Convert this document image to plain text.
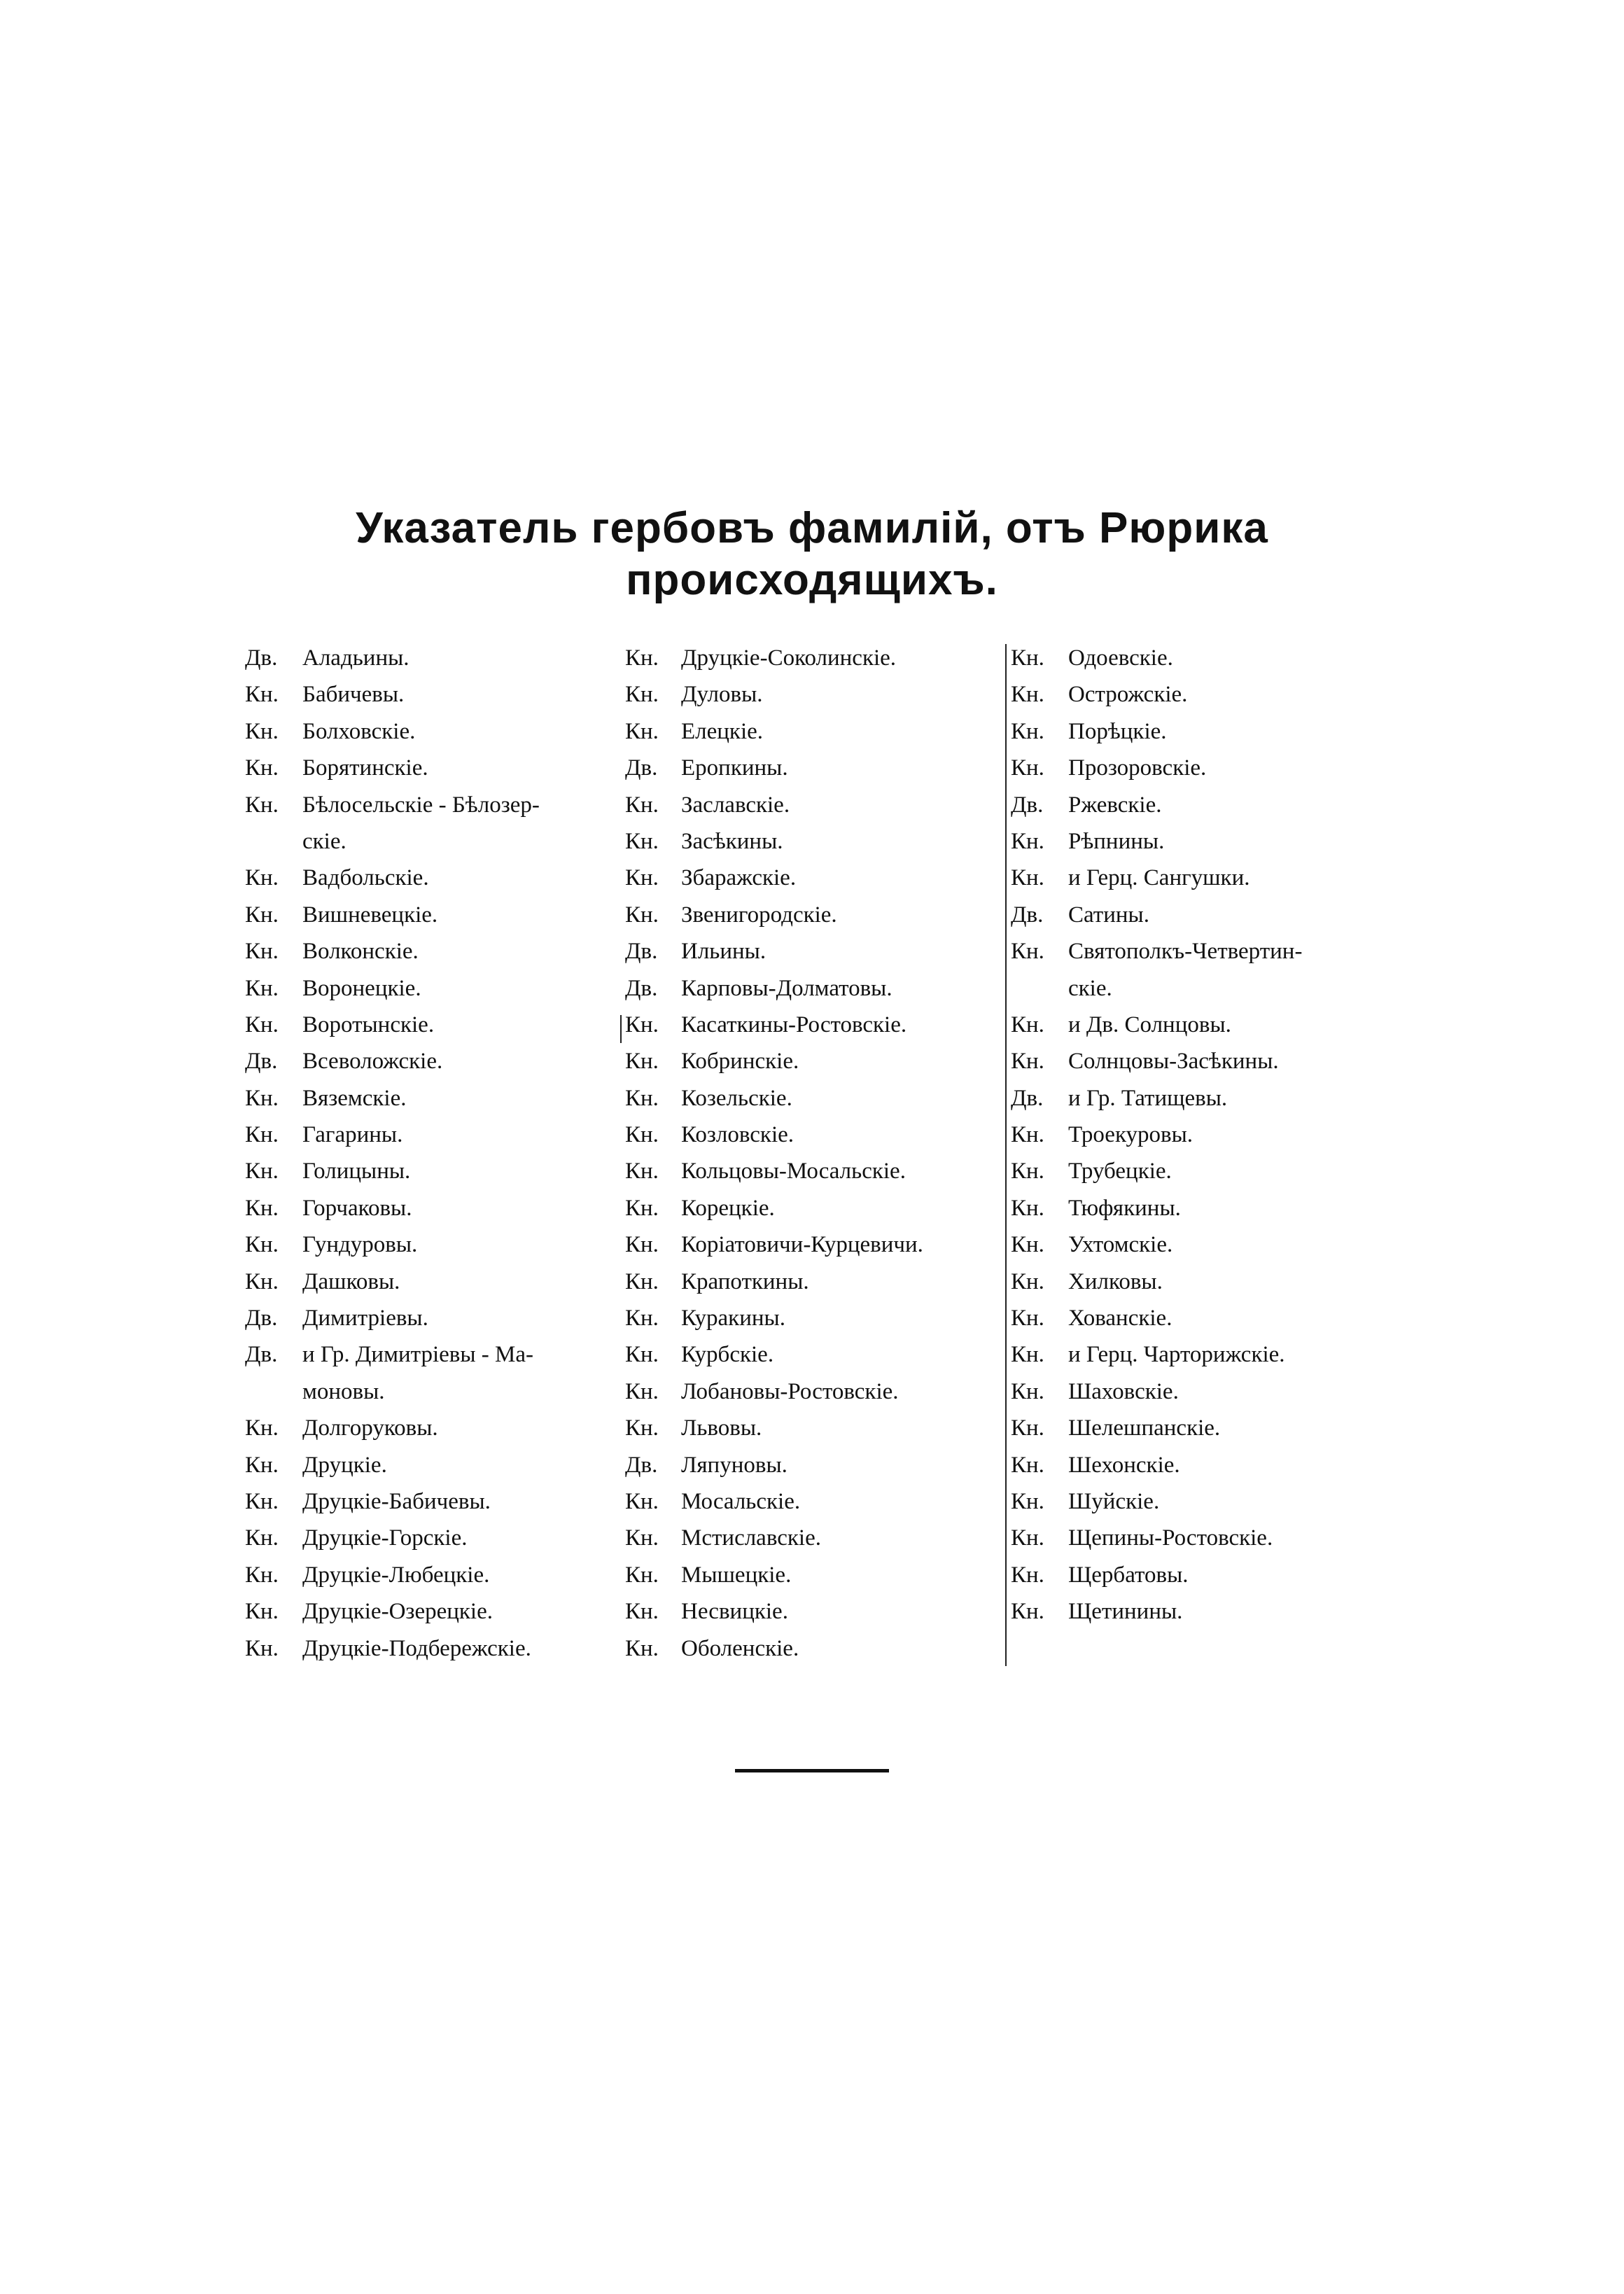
Указатель гербовъ фамилiй, отъ Рюрика
происходящихъ.
Дв. Аладьины.
Кн. Бабичевы.
Кн. Болховскiе.
Кн. Борятинскiе.
Кн. Бѣлосельскiе - Бѣлозер-
скiе.
Кн. Вадбольскiе.
Кн. Вишневецкiе.
Кн. Волконскiе.
Кн. Воронецкiе.
Кн. Воротынскiе.
Дв. Всеволожскiе.
Кн. Вяземскiе.
Кн. Гагарины.
Кн. Голицыны.
Кн. Горчаковы.
Кн. Гундуровы.
Кн. Дашковы.
Дв. Димитрiевы.
Дв. и Гр. Димитрiевы - Ма-
моновы.
Кн. Долгоруковы.
Кн. Друцкiе.
Кн. Друцкiе-Бабичевы.
Кн. Друцкiе-Горскiе.
Кн. Друцкiе-Любецкiе.
Кн. Друцкiе-Озерецкiе.
Кн. Друцкiе-Подбережскiе.
Кн. Друцкiе-Соколинскiе.
Кн. Дуловы.
Кн. Елецкiе.
Дв. Еропкины.
Кн. Заславскiе.
Кн. Засѣкины.
Кн. Збаражскiе.
Кн. Звенигородскiе.
Дв. Ильины.
Дв. Карповы-Долматовы.
Кн. Касаткины-Ростовскiе.
Кн. Кобринскiе.
Кн. Козельскiе.
Кн. Козловскiе.
Кн. Кольцовы-Мосальскiе.
Кн. Корецкiе.
Кн. Корiатовичи-Курцевичи.
Кн. Крапоткины.
Кн. Куракины.
Кн. Курбскiе.
Кн. Лобановы-Ростовскiе.
Кн. Львовы.
Дв. Ляпуновы.
Кн. Мосальскiе.
Кн. Мстиславскiе.
Кн. Мышецкiе.
Кн. Несвицкiе.
Кн. Оболенскiе.
Кн. Одоевскiе.
Кн. Острожскiе.
Кн. Порѣцкiе.
Кн. Прозоровскiе.
Дв. Ржевскiе.
Кн. Рѣпнины.
Кн. и Герц. Сангушки.
Дв. Сатины.
Кн. Святополкъ-Четвертин-
скiе.
Кн. и Дв. Солнцовы.
Кн. Солнцовы-Засѣкины.
Дв. и Гр. Татищевы.
Кн. Троекуровы.
Кн. Трубецкiе.
Кн. Тюфякины.
Кн. Ухтомскiе.
Кн. Хилковы.
Кн. Хованскiе.
Кн. и Герц. Чарторижскiе.
Кн. Шаховскiе.
Кн. Шелешпанскiе.
Кн. Шехонскiе.
Кн. Шуйскiе.
Кн. Щепины-Ростовскiе.
Кн. Щербатовы.
Кн. Щетинины.
